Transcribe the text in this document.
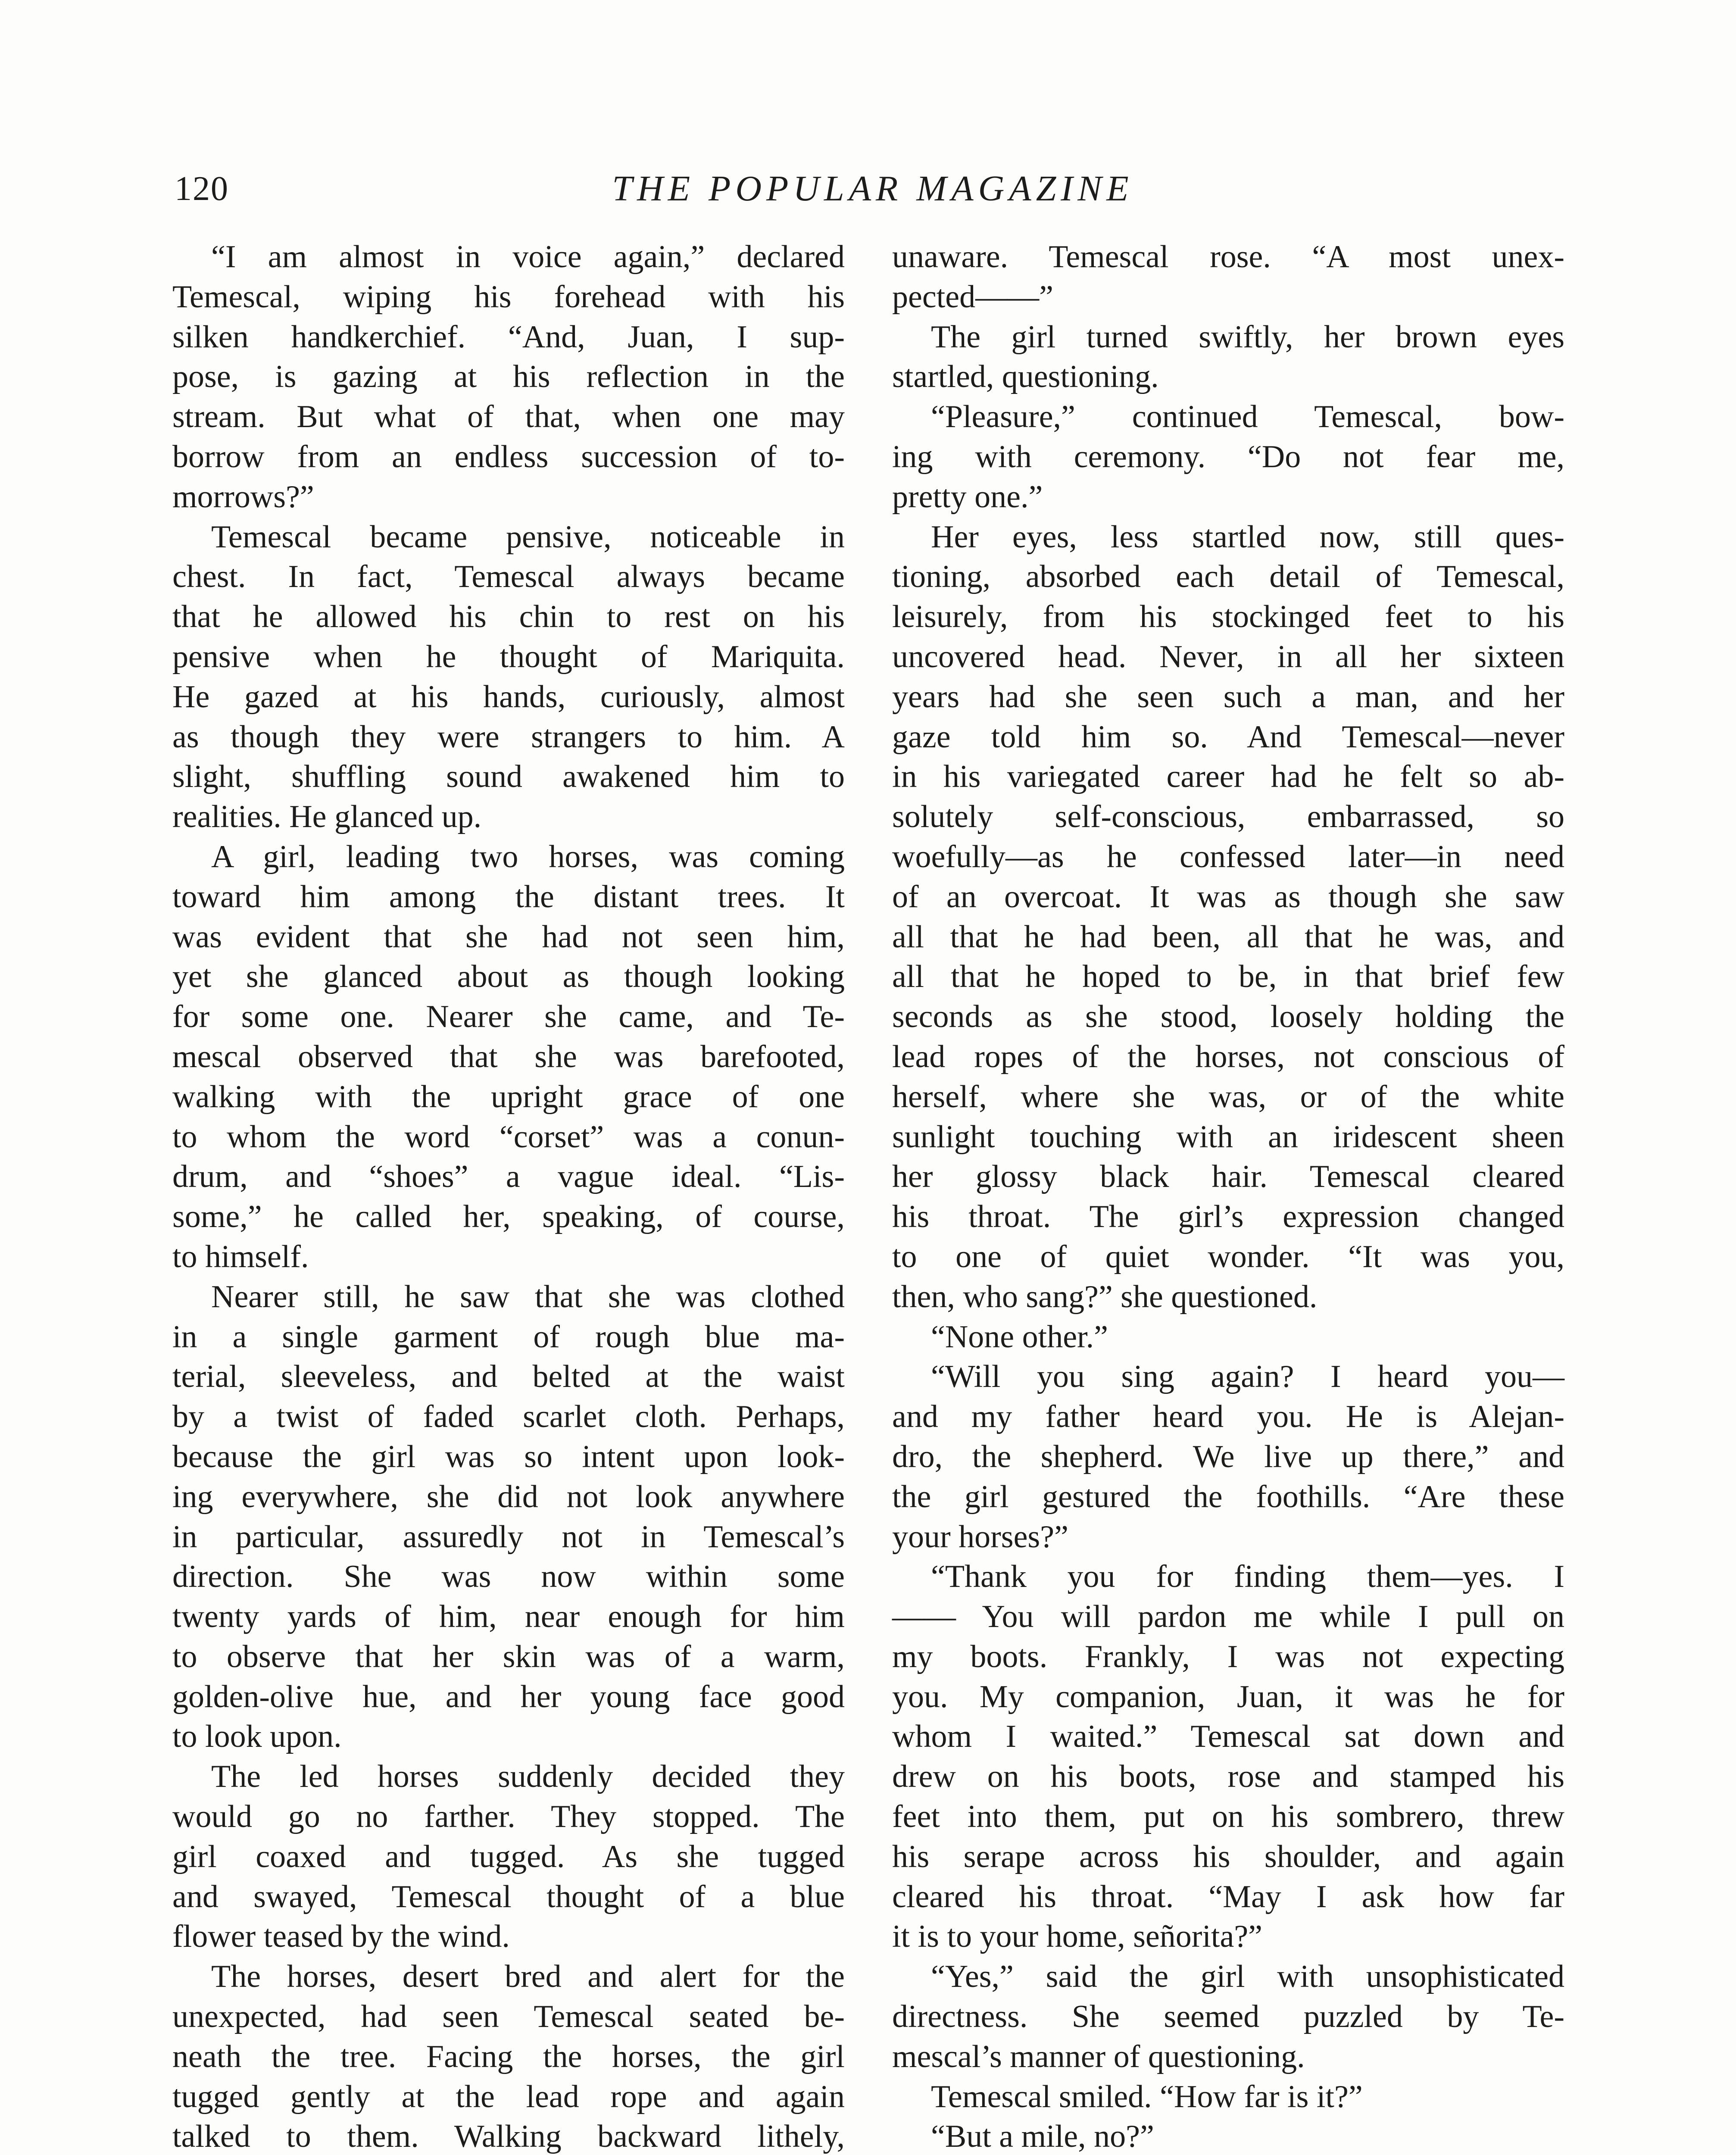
120	THE POPULAR MAGAZINE
“I am almost in voice again,” declared
Temescal, wiping his forehead with his
silken handkerchief. “And, Juan, I sup-
pose, is gazing at his reflection in the
stream. But what of that, when one may
borrow from an endless succession of to-
morrows?”
Temescal became pensive, noticeable in
chest. In fact, Temescal always became
that he allowed his chin to rest on his
pensive when he thought of Mariquita.
He gazed at his hands, curiously, almost
as though they were strangers to him. A
slight, shuffling sound awakened him to
realities. He glanced up.
A girl, leading two horses, was coming
toward him among the distant trees. It
was evident that she had not seen him,
yet she glanced about as though looking
for some one. Nearer she came, and Te-
mescal observed that she was barefooted,
walking with the upright grace of one
to whom the word “corset” was a conun-
drum, and “shoes” a vague ideal. “Lis-
some,” he called her, speaking, of course,
to himself.
Nearer still, he saw that she was clothed
in a single garment of rough blue ma-
terial, sleeveless, and belted at the waist
by a twist of faded scarlet cloth. Perhaps,
because the girl was so intent upon look-
ing everywhere, she did not look anywhere
in particular, assuredly not in Temescal’s
direction. She was now within some
twenty yards of him, near enough for him
to observe that her skin was of a warm,
golden-olive hue, and her young face good
to look upon.
The led horses suddenly decided they
would go no farther. They stopped. The
girl coaxed and tugged. As she tugged
and swayed, Temescal thought of a blue
flower teased by the wind.
The horses, desert bred and alert for the
unexpected, had seen Temescal seated be-
neath the tree. Facing the horses, the girl
tugged gently at the lead rope and again
talked to them. Walking backward lithely,
unaware. Temescal rose. “A most unex-
pected——”
The girl turned swiftly, her brown eyes
startled, questioning.
“Pleasure,” continued Temescal, bow-
ing with ceremony. “Do not fear me,
pretty one.”
Her eyes, less startled now, still ques-
tioning, absorbed each detail of Temescal,
leisurely, from his stockinged feet to his
uncovered head. Never, in all her sixteen
years had she seen such a man, and her
gaze told him so. And Temescal—never
in his variegated career had he felt so ab-
solutely self-conscious, embarrassed, so
woefully—as he confessed later—in need
of an overcoat. It was as though she saw
all that he had been, all that he was, and
all that he hoped to be, in that brief few
seconds as she stood, loosely holding the
lead ropes of the horses, not conscious of
herself, where she was, or of the white
sunlight touching with an iridescent sheen
her glossy black hair. Temescal cleared
his throat. The girl’s expression changed
to one of quiet wonder. “It was you,
then, who sang?” she questioned.
“None other.”
“Will you sing again? I heard you—
and my father heard you. He is Alejan-
dro, the shepherd. We live up there,” and
the girl gestured the foothills. “Are these
your horses?”
“Thank you for finding them—yes. I
—— You will pardon me while I pull on
my boots. Frankly, I was not expecting
you. My companion, Juan, it was he for
whom I waited.” Temescal sat down and
drew on his boots, rose and stamped his
feet into them, put on his sombrero, threw
his serape across his shoulder, and again
cleared his throat. “May I ask how far
it is to your home, señorita?”
“Yes,” said the girl with unsophisticated
directness. She seemed puzzled by Te-
mescal’s manner of questioning.
Temescal smiled. “How far is it?”
“But a mile, no?”
